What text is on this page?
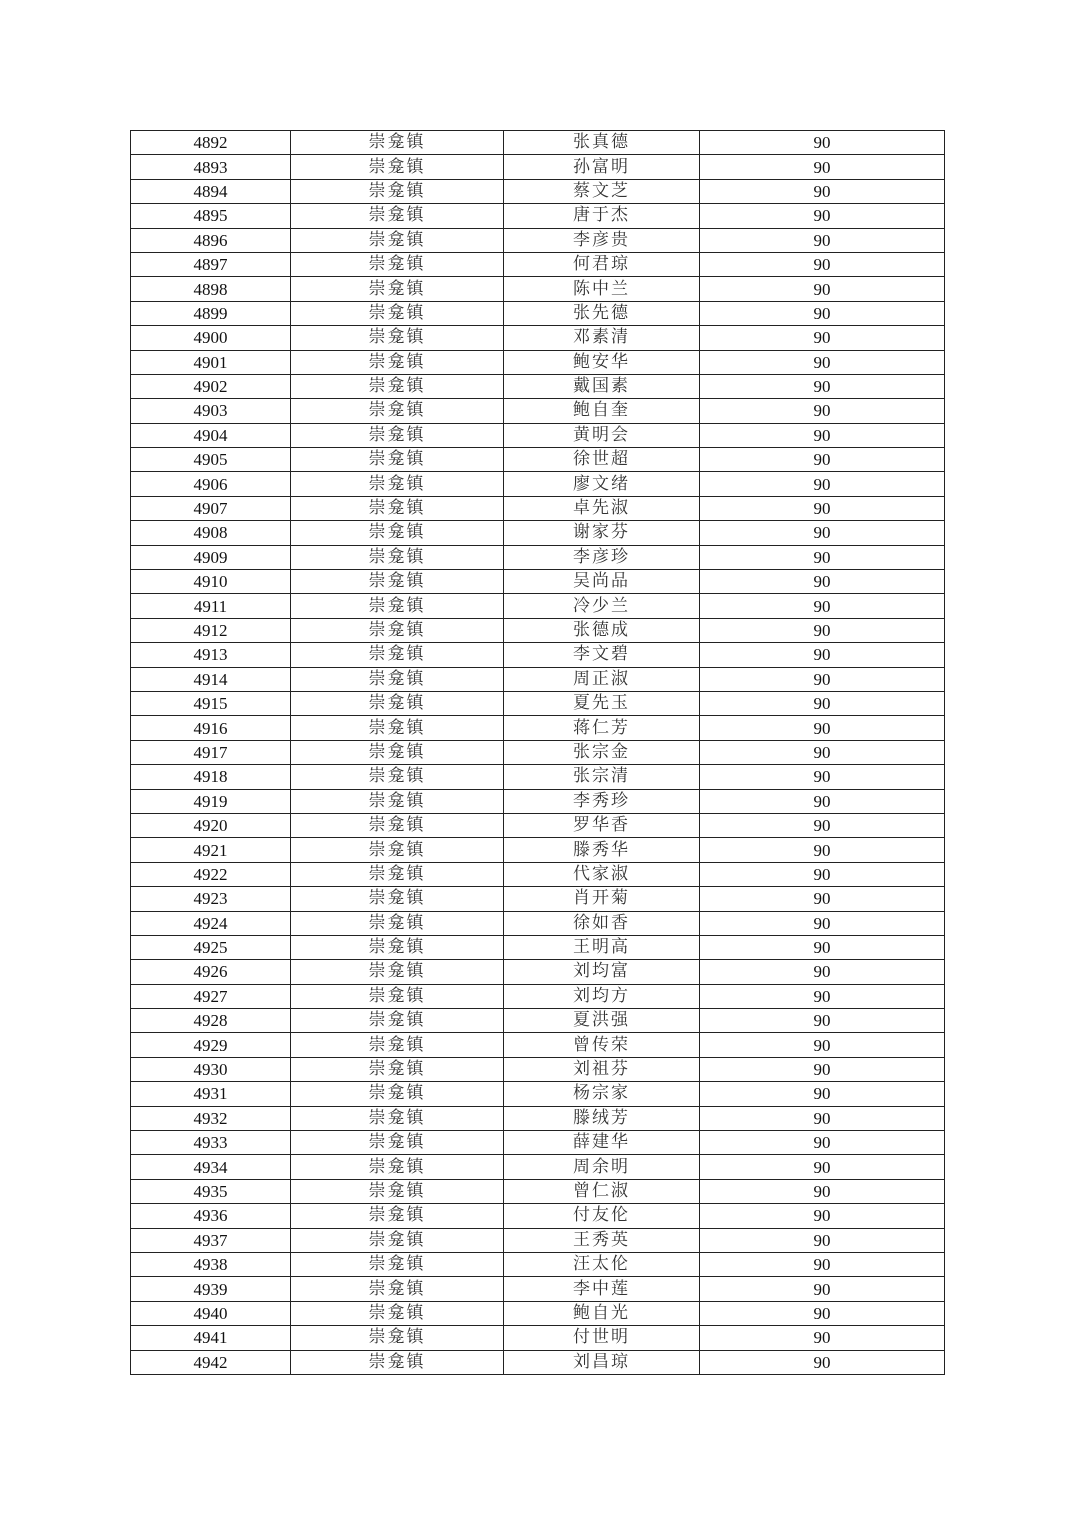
4892	崇龛镇	张真德	90
4893	崇龛镇	孙富明	90
4894	崇龛镇	蔡文芝	90
4895	崇龛镇	唐于杰	90
4896	崇龛镇	李彦贵	90
4897	崇龛镇	何君琼	90
4898	崇龛镇	陈中兰	90
4899	崇龛镇	张先德	90
4900	崇龛镇	邓素清	90
4901	崇龛镇	鲍安华	90
4902	崇龛镇	戴国素	90
4903	崇龛镇	鲍自奎	90
4904	崇龛镇	黄明会	90
4905	崇龛镇	徐世超	90
4906	崇龛镇	廖文绪	90
4907	崇龛镇	卓先淑	90
4908	崇龛镇	谢家芬	90
4909	崇龛镇	李彦珍	90
4910	崇龛镇	吴尚品	90
4911	崇龛镇	冷少兰	90
4912	崇龛镇	张德成	90
4913	崇龛镇	李文碧	90
4914	崇龛镇	周正淑	90
4915	崇龛镇	夏先玉	90
4916	崇龛镇	蒋仁芳	90
4917	崇龛镇	张宗金	90
4918	崇龛镇	张宗清	90
4919	崇龛镇	李秀珍	90
4920	崇龛镇	罗华香	90
4921	崇龛镇	滕秀华	90
4922	崇龛镇	代家淑	90
4923	崇龛镇	肖开菊	90
4924	崇龛镇	徐如香	90
4925	崇龛镇	王明高	90
4926	崇龛镇	刘均富	90
4927	崇龛镇	刘均方	90
4928	崇龛镇	夏洪强	90
4929	崇龛镇	曾传荣	90
4930	崇龛镇	刘祖芬	90
4931	崇龛镇	杨宗家	90
4932	崇龛镇	滕绒芳	90
4933	崇龛镇	薛建华	90
4934	崇龛镇	周余明	90
4935	崇龛镇	曾仁淑	90
4936	崇龛镇	付友伦	90
4937	崇龛镇	王秀英	90
4938	崇龛镇	汪太伦	90
4939	崇龛镇	李中莲	90
4940	崇龛镇	鲍自光	90
4941	崇龛镇	付世明	90
4942	崇龛镇	刘昌琼	90
